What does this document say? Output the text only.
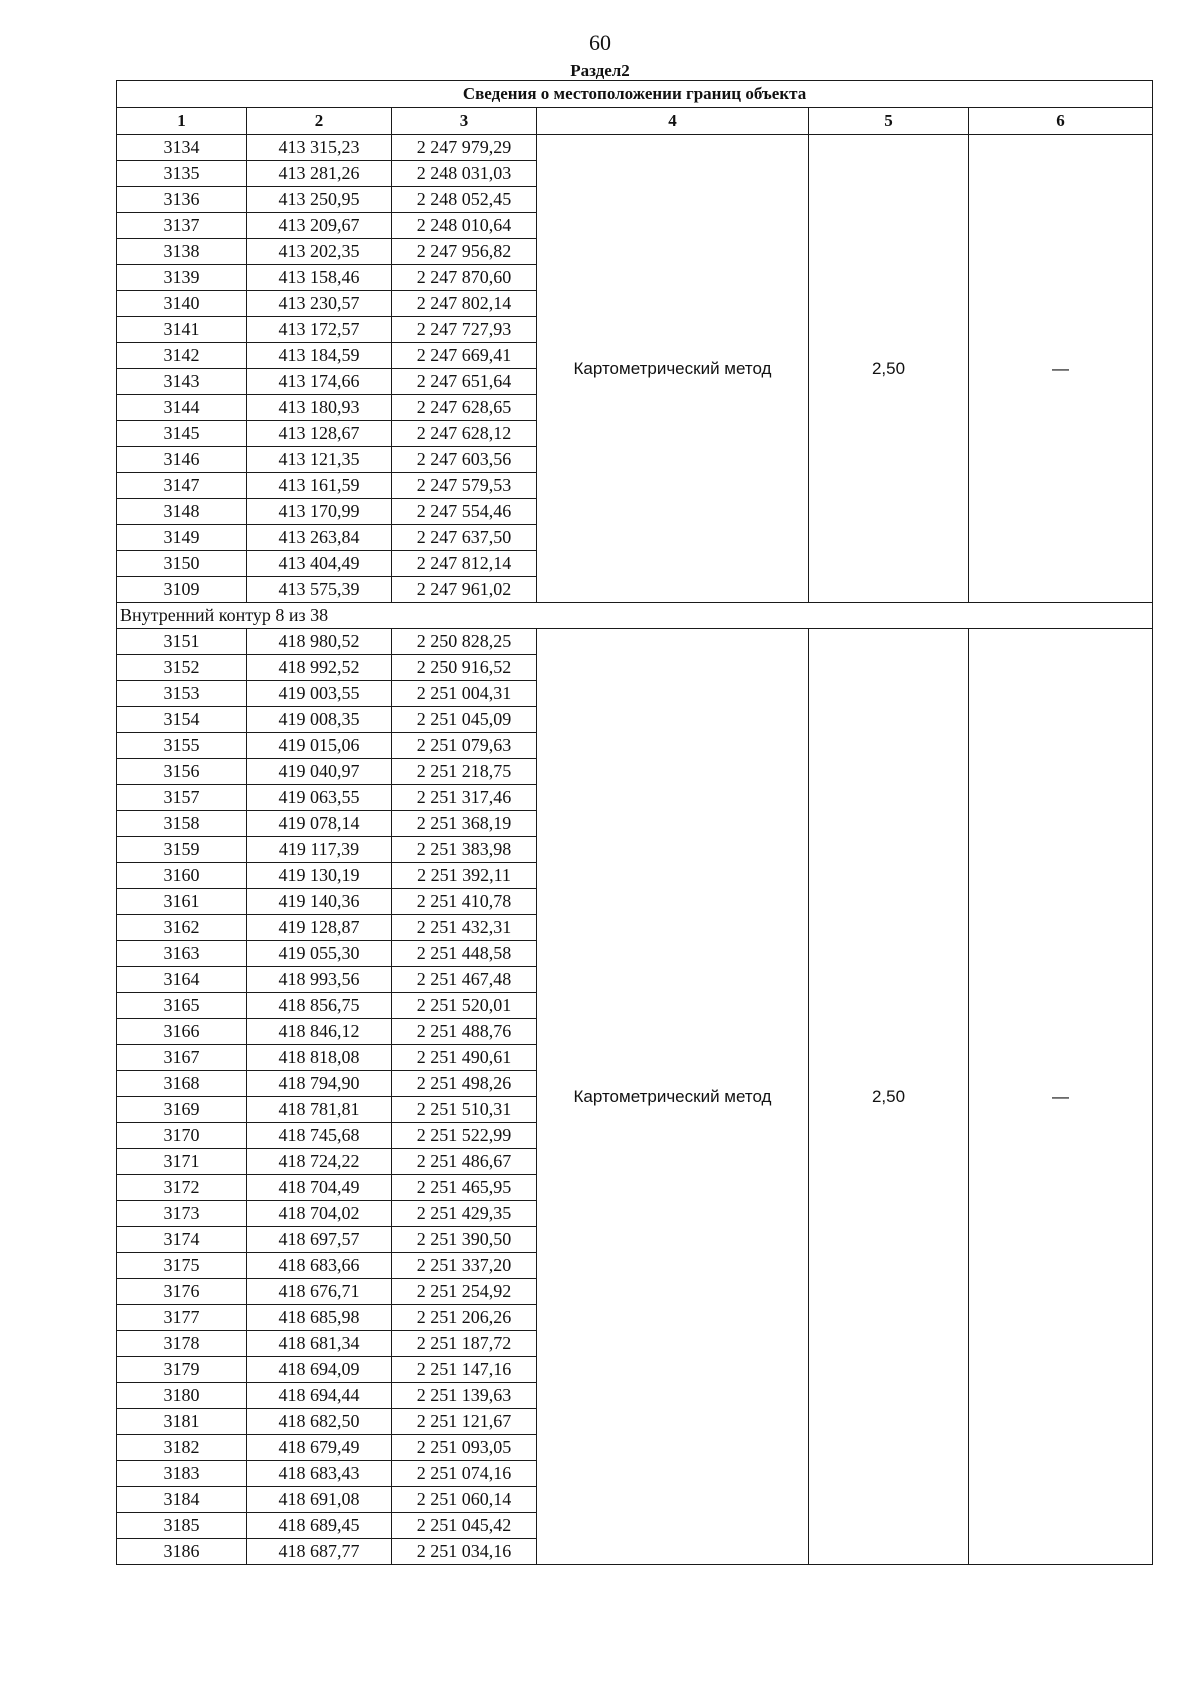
60
Раздел2
Сведения о местоположении границ объекта					
1	2	3	4	5	6
3134	413 315,23	2 247 979,29	Картометрический метод	2,50	—
3135	413 281,26	2 248 031,03			
3136	413 250,95	2 248 052,45			
3137	413 209,67	2 248 010,64			
3138	413 202,35	2 247 956,82			
3139	413 158,46	2 247 870,60			
3140	413 230,57	2 247 802,14			
3141	413 172,57	2 247 727,93			
3142	413 184,59	2 247 669,41			
3143	413 174,66	2 247 651,64			
3144	413 180,93	2 247 628,65			
3145	413 128,67	2 247 628,12			
3146	413 121,35	2 247 603,56			
3147	413 161,59	2 247 579,53			
3148	413 170,99	2 247 554,46			
3149	413 263,84	2 247 637,50			
3150	413 404,49	2 247 812,14			
3109	413 575,39	2 247 961,02			
Внутренний контур 8 из 38					
3151	418 980,52	2 250 828,25	Картометрический метод	2,50	—
3152	418 992,52	2 250 916,52			
3153	419 003,55	2 251 004,31			
3154	419 008,35	2 251 045,09			
3155	419 015,06	2 251 079,63			
3156	419 040,97	2 251 218,75			
3157	419 063,55	2 251 317,46			
3158	419 078,14	2 251 368,19			
3159	419 117,39	2 251 383,98			
3160	419 130,19	2 251 392,11			
3161	419 140,36	2 251 410,78			
3162	419 128,87	2 251 432,31			
3163	419 055,30	2 251 448,58			
3164	418 993,56	2 251 467,48			
3165	418 856,75	2 251 520,01			
3166	418 846,12	2 251 488,76			
3167	418 818,08	2 251 490,61			
3168	418 794,90	2 251 498,26			
3169	418 781,81	2 251 510,31			
3170	418 745,68	2 251 522,99			
3171	418 724,22	2 251 486,67			
3172	418 704,49	2 251 465,95			
3173	418 704,02	2 251 429,35			
3174	418 697,57	2 251 390,50			
3175	418 683,66	2 251 337,20			
3176	418 676,71	2 251 254,92			
3177	418 685,98	2 251 206,26			
3178	418 681,34	2 251 187,72			
3179	418 694,09	2 251 147,16			
3180	418 694,44	2 251 139,63			
3181	418 682,50	2 251 121,67			
3182	418 679,49	2 251 093,05			
3183	418 683,43	2 251 074,16			
3184	418 691,08	2 251 060,14			
3185	418 689,45	2 251 045,42			
3186	418 687,77	2 251 034,16			
